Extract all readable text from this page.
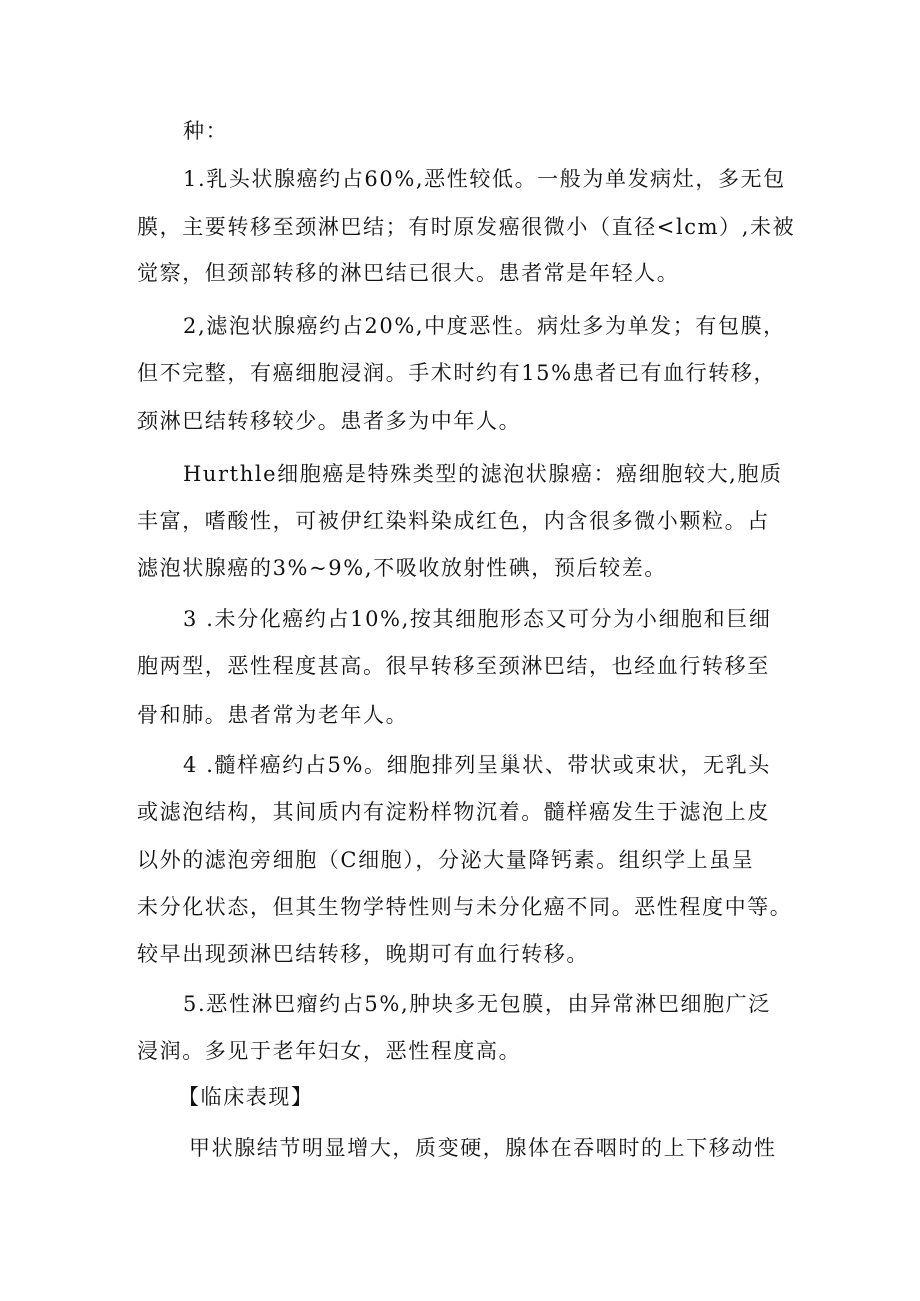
种：
1.乳头状腺癌约占60%,恶性较低。一般为单发病灶，多无包
膜，主要转移至颈淋巴结；有时原发癌很微小（直径<lcm）,未被
觉察，但颈部转移的淋巴结已很大。患者常是年轻人。
2,滤泡状腺癌约占20%,中度恶性。病灶多为单发；有包膜，
但不完整，有癌细胞浸润。手术时约有15%患者已有血行转移，
颈淋巴结转移较少。患者多为中年人。
Hurthle细胞癌是特殊类型的滤泡状腺癌：癌细胞较大,胞质
丰富，嗜酸性，可被伊红染料染成红色，内含很多微小颗粒。占
滤泡状腺癌的3%~9%,不吸收放射性碘，预后较差。
3 .未分化癌约占10%,按其细胞形态又可分为小细胞和巨细
胞两型，恶性程度甚高。很早转移至颈淋巴结，也经血行转移至
骨和肺。患者常为老年人。
4 .髓样癌约占5%。细胞排列呈巢状、带状或束状，无乳头
或滤泡结构，其间质内有淀粉样物沉着。髓样癌发生于滤泡上皮
以外的滤泡旁细胞（C细胞），分泌大量降钙素。组织学上虽呈
未分化状态，但其生物学特性则与未分化癌不同。恶性程度中等。
较早出现颈淋巴结转移，晚期可有血行转移。
5.恶性淋巴瘤约占5%,肿块多无包膜，由异常淋巴细胞广泛
浸润。多见于老年妇女，恶性程度高。
【临床表现】
甲状腺结节明显增大，质变硬，腺体在吞咽时的上下移动性
